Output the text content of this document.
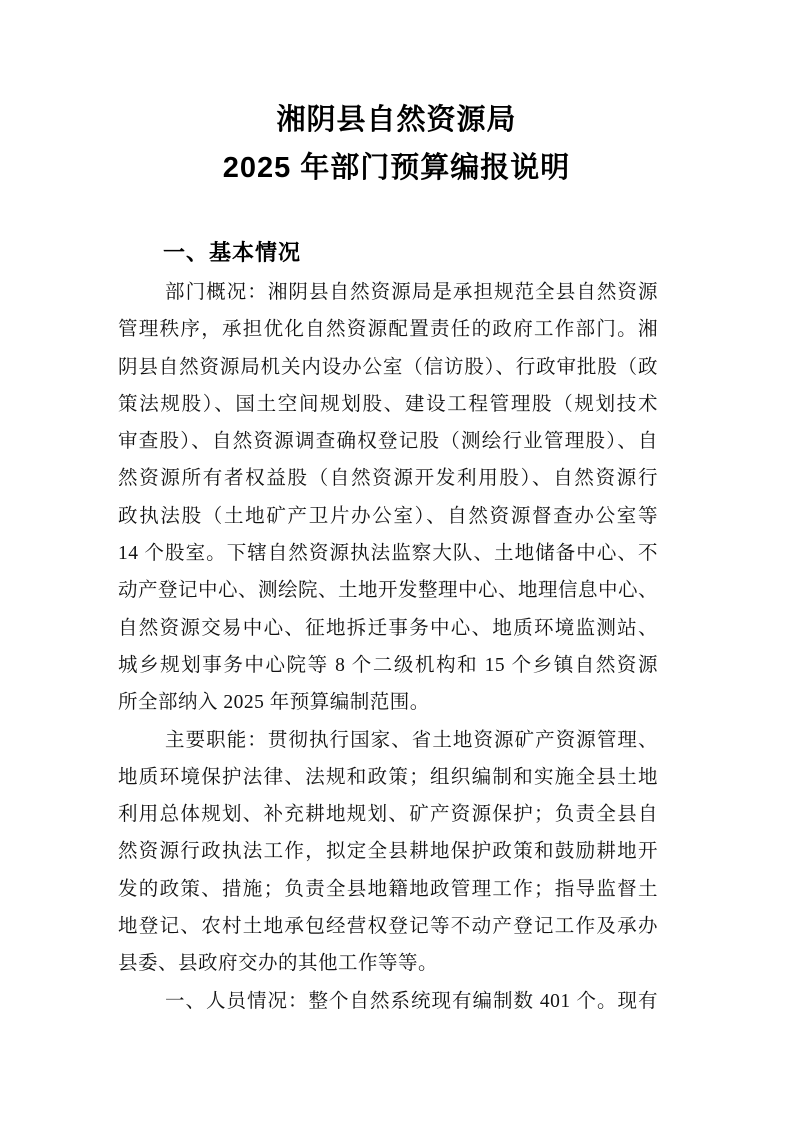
湘阴县自然资源局
2025 年部门预算编报说明
一、基本情况
部门概况：湘阴县自然资源局是承担规范全县自然资源
管理秩序，承担优化自然资源配置责任的政府工作部门。湘
阴县自然资源局机关内设办公室（信访股）、行政审批股（政
策法规股）、国土空间规划股、建设工程管理股（规划技术
审查股）、自然资源调查确权登记股（测绘行业管理股）、自
然资源所有者权益股（自然资源开发利用股）、自然资源行
政执法股（土地矿产卫片办公室）、自然资源督查办公室等
14 个股室。下辖自然资源执法监察大队、土地储备中心、不
动产登记中心、测绘院、土地开发整理中心、地理信息中心、
自然资源交易中心、征地拆迁事务中心、地质环境监测站、
城乡规划事务中心院等 8 个二级机构和 15 个乡镇自然资源
所全部纳入 2025 年预算编制范围。
主要职能：贯彻执行国家、省土地资源矿产资源管理、
地质环境保护法律、法规和政策；组织编制和实施全县土地
利用总体规划、补充耕地规划、矿产资源保护；负责全县自
然资源行政执法工作，拟定全县耕地保护政策和鼓励耕地开
发的政策、措施；负责全县地籍地政管理工作；指导监督土
地登记、农村土地承包经营权登记等不动产登记工作及承办
县委、县政府交办的其他工作等等。
一、人员情况：整个自然系统现有编制数 401 个。现有
